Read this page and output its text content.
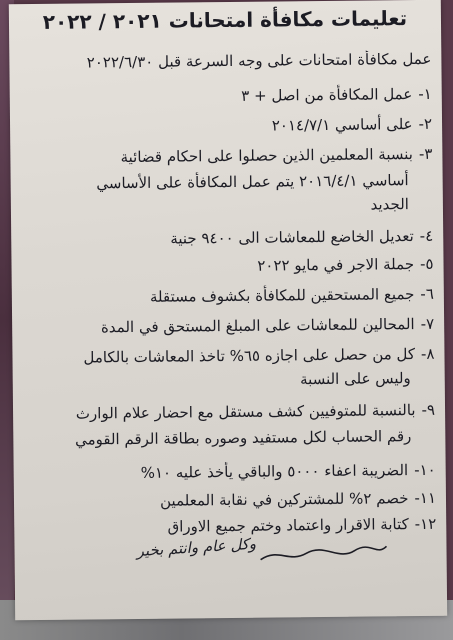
تعليمات مكافأة امتحانات ٢٠٢١ / ٢٠٢٢
عمل مكافأة امتحانات على وجه السرعة قبل ٢٠٢٢/٦/٣٠
١-عمل المكافأة من اصل + ٣
٢-على أساسي ٢٠١٤/٧/١
٣-بنسبة المعلمين الذين حصلوا على احكام قضائية
أساسي ٢٠١٦/٤/١ يتم عمل المكافأة على الأساسي
الجديد
٤-تعديل الخاضع للمعاشات الى ٩٤٠٠ جنية
٥-جملة الاجر في مايو ٢٠٢٢
٦-جميع المستحقين للمكافأة بكشوف مستقلة
٧-المحالين للمعاشات على المبلغ المستحق في المدة
٨-كل من حصل على اجازه ٦٥% تاخذ المعاشات بالكامل
وليس على النسبة
٩-بالنسبة للمتوفيين كشف مستقل مع احضار علام الوارث
رقم الحساب لكل مستفيد وصوره بطاقة الرقم القومي
١٠-الضريبة اعفاء ٥٠٠٠ والباقي يأخذ عليه ١٠%
١١-خصم ٢% للمشتركين في نقابة المعلمين
١٢-كتابة الاقرار واعتماد وختم جميع الاوراق
وكل عام وانتم بخير
